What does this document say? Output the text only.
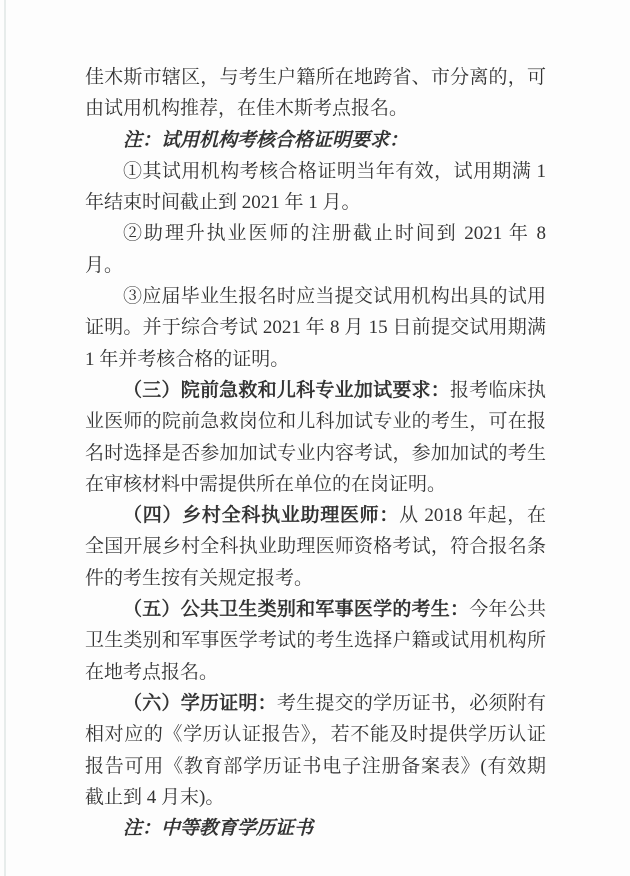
佳木斯市辖区，与考生户籍所在地跨省、市分离的，可由试用机构推荐，在佳木斯考点报名。

注：试用机构考核合格证明要求：

①其试用机构考核合格证明当年有效，试用期满 1 年结束时间截止到 2021 年 1 月。

②助理升执业医师的注册截止时间到 2021 年 8 月。

③应届毕业生报名时应当提交试用机构出具的试用证明。并于综合考试 2021 年 8 月 15 日前提交试用期满 1 年并考核合格的证明。

（三）院前急救和儿科专业加试要求：报考临床执业医师的院前急救岗位和儿科加试专业的考生，可在报名时选择是否参加加试专业内容考试，参加加试的考生在审核材料中需提供所在单位的在岗证明。

（四）乡村全科执业助理医师：从 2018 年起，在全国开展乡村全科执业助理医师资格考试，符合报名条件的考生按有关规定报考。

（五）公共卫生类别和军事医学的考生：今年公共卫生类别和军事医学考试的考生选择户籍或试用机构所在地考点报名。

（六）学历证明：考生提交的学历证书，必须附有相对应的《学历认证报告》，若不能及时提供学历认证报告可用《教育部学历证书电子注册备案表》(有效期截止到 4 月末)。

注：中等教育学历证书
